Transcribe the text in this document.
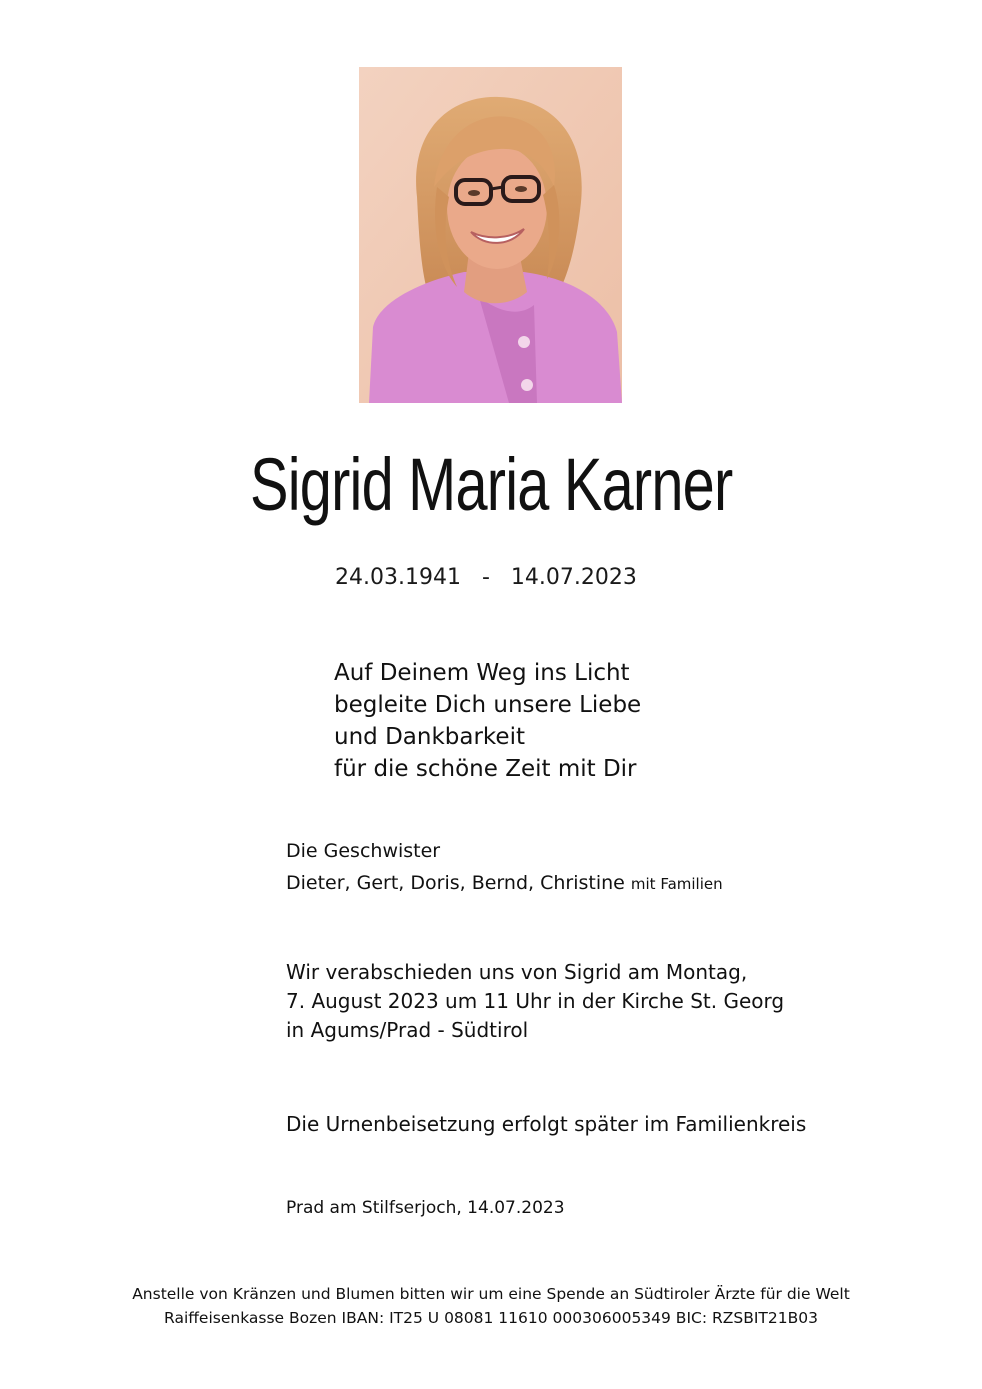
Sigrid Maria Karner
24.03.1941   -   14.07.2023
Auf Deinem Weg ins Licht
begleite Dich unsere Liebe
und Dankbarkeit
für die schöne Zeit mit Dir
Die Geschwister
Dieter, Gert, Doris, Bernd, Christine mit Familien
Wir verabschieden uns von Sigrid am Montag,
7. August 2023 um 11 Uhr in der Kirche St. Georg
in Agums/Prad - Südtirol
Die Urnenbeisetzung erfolgt später im Familienkreis
Prad am Stilfserjoch, 14.07.2023
Anstelle von Kränzen und Blumen bitten wir um eine Spende an Südtiroler Ärzte für die Welt
Raiffeisenkasse Bozen IBAN: IT25 U 08081 11610 000306005349 BIC: RZSBIT21B03
